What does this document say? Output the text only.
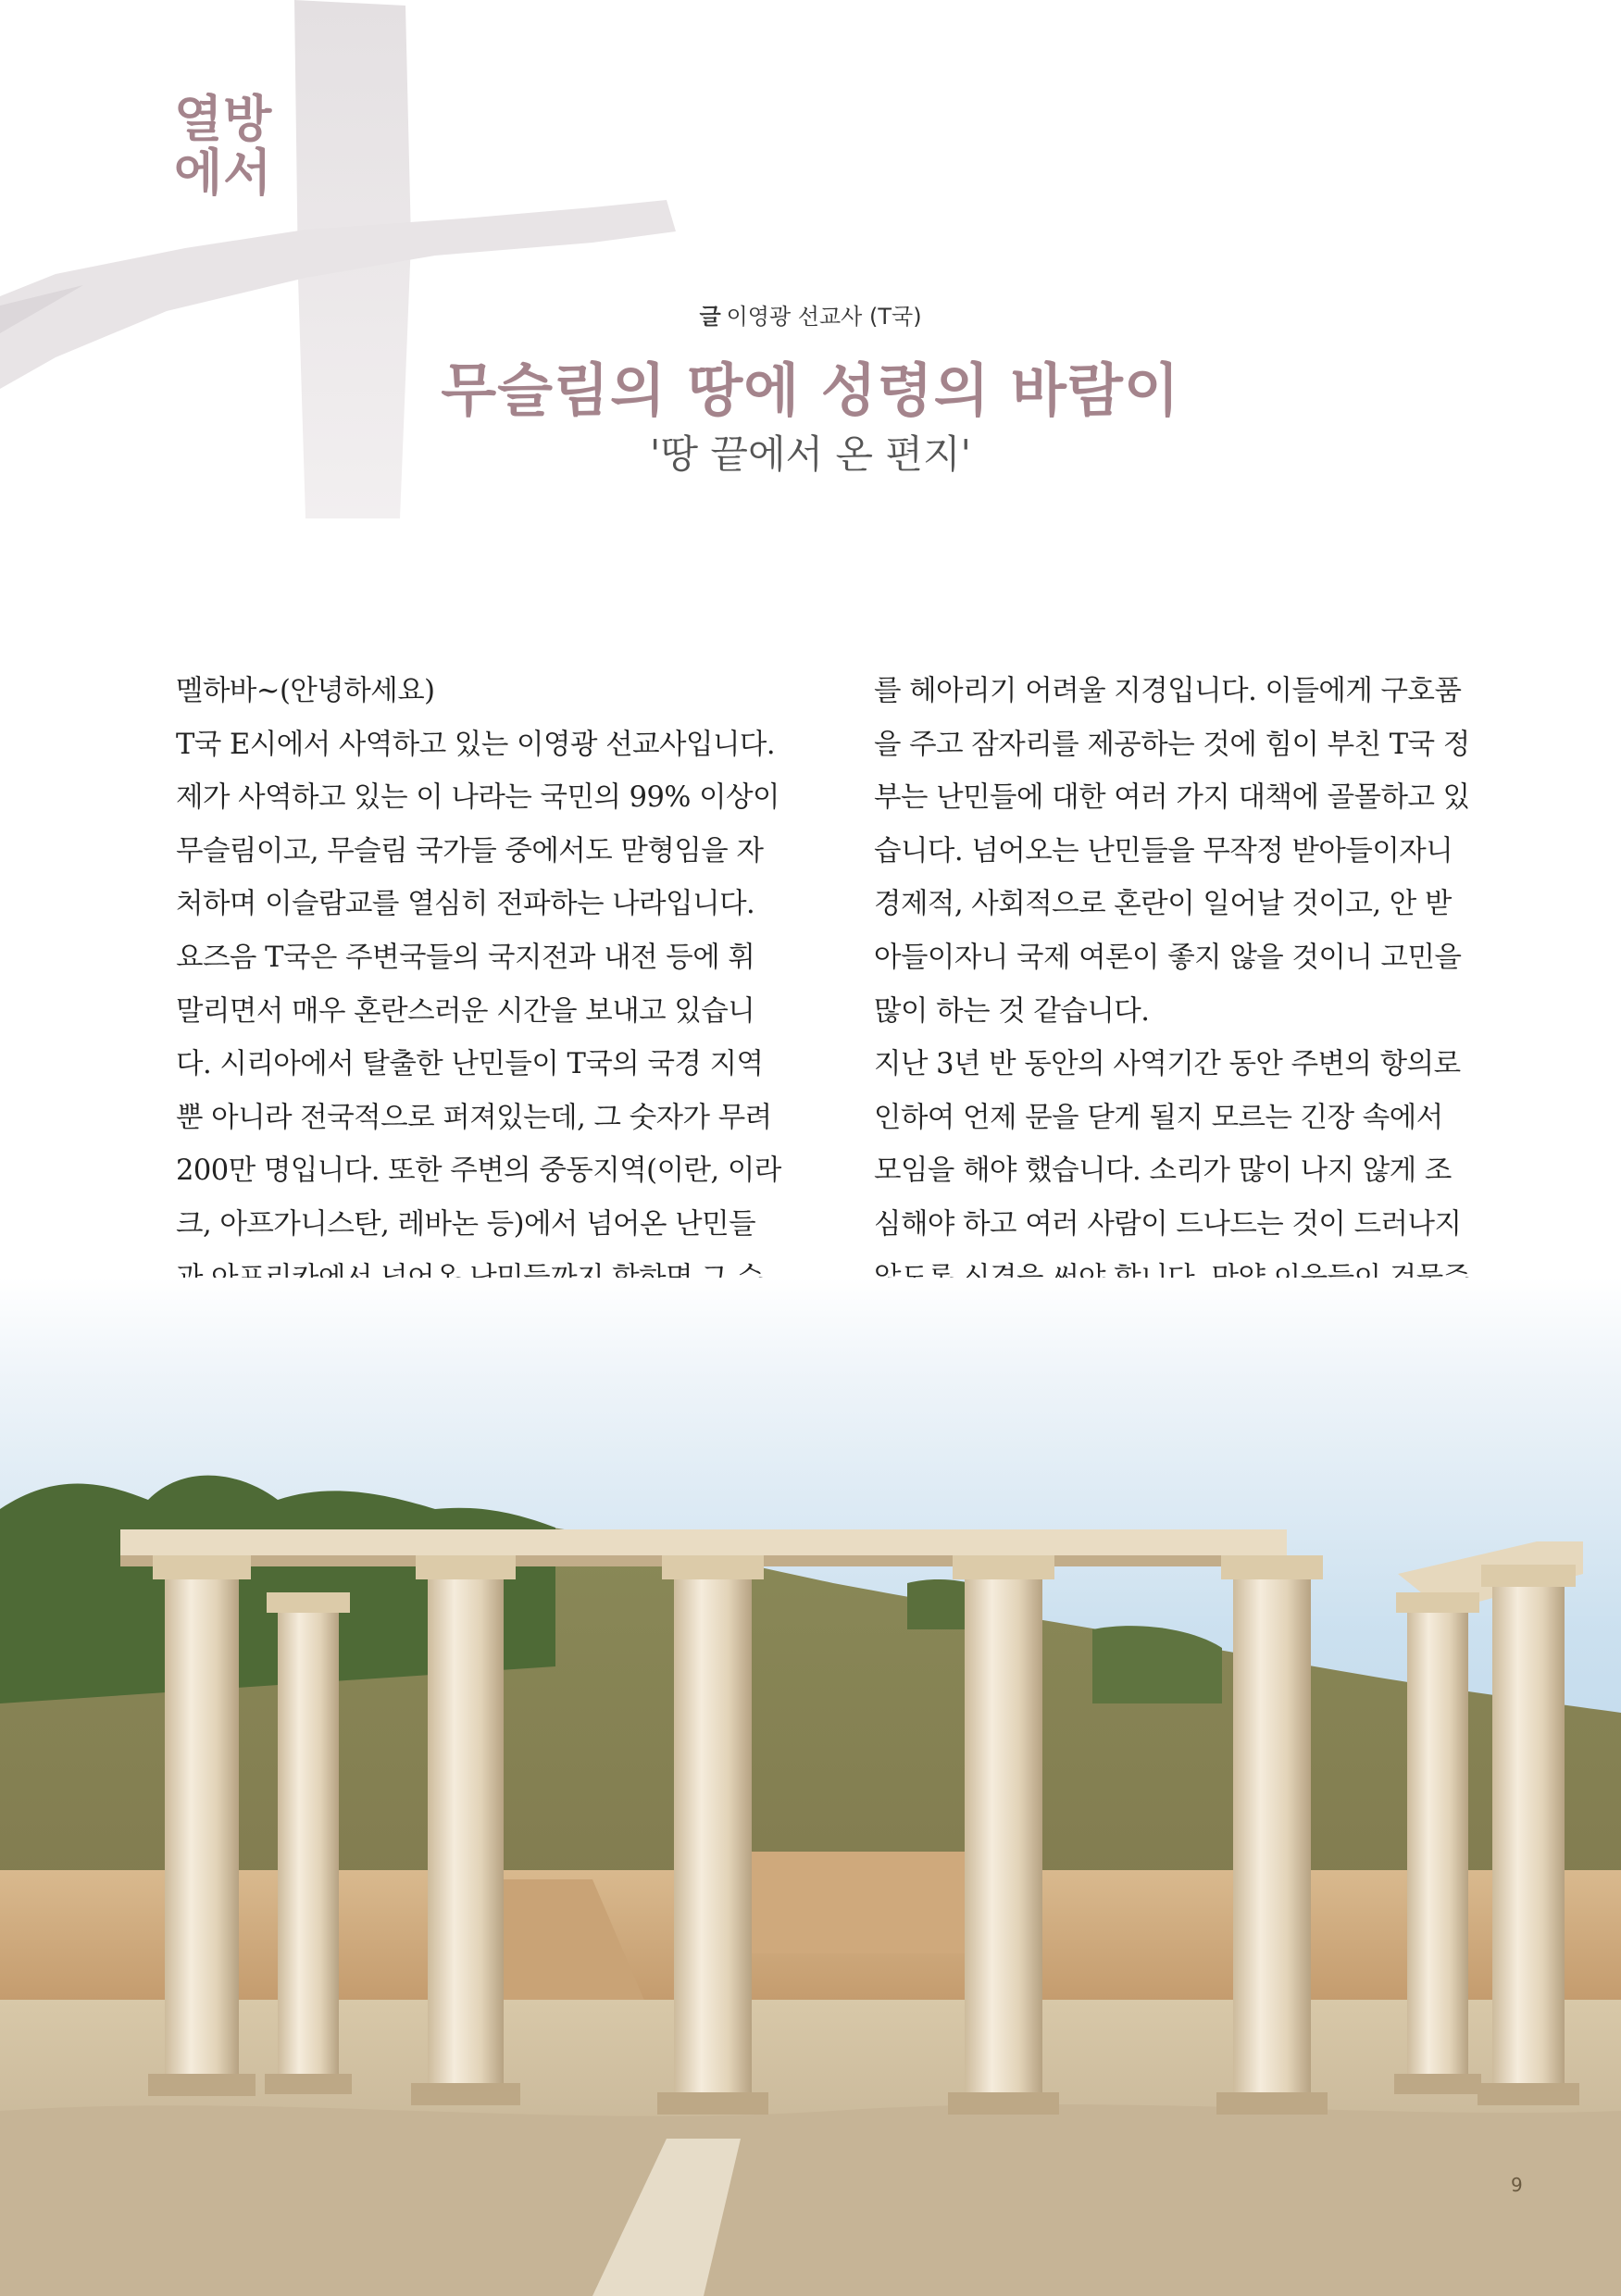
열방
에서
글 이영광 선교사 (T국)
무슬림의 땅에 성령의 바람이
'땅 끝에서 온 편지'

멜하바~(안녕하세요)

T국 E시에서 사역하고 있는 이영광 선교사입니다.

제가 사역하고 있는 이 나라는 국민의 99% 이상이

무슬림이고, 무슬림 국가들 중에서도 맏형임을 자

처하며 이슬람교를 열심히 전파하는 나라입니다.

요즈음 T국은 주변국들의 국지전과 내전 등에 휘

말리면서 매우 혼란스러운 시간을 보내고 있습니

다. 시리아에서 탈출한 난민들이 T국의 국경 지역

뿐 아니라 전국적으로 퍼져있는데, 그 숫자가 무려

200만 명입니다. 또한 주변의 중동지역(이란, 이라

크, 아프가니스탄, 레바논 등)에서 넘어온 난민들

를 헤아리기 어려울 지경입니다. 이들에게 구호품

을 주고 잠자리를 제공하는 것에 힘이 부친 T국 정

부는 난민들에 대한 여러 가지 대책에 골몰하고 있

습니다. 넘어오는 난민들을 무작정 받아들이자니

경제적, 사회적으로 혼란이 일어날 것이고, 안 받

아들이자니 국제 여론이 좋지 않을 것이니 고민을

많이 하는 것 같습니다.

지난 3년 반 동안의 사역기간 동안 주변의 항의로

인하여 언제 문을 닫게 될지 모르는 긴장 속에서

모임을 해야 했습니다. 소리가 많이 나지 않게 조

심해야 하고 여러 사람이 드나드는 것이 드러나지

9
